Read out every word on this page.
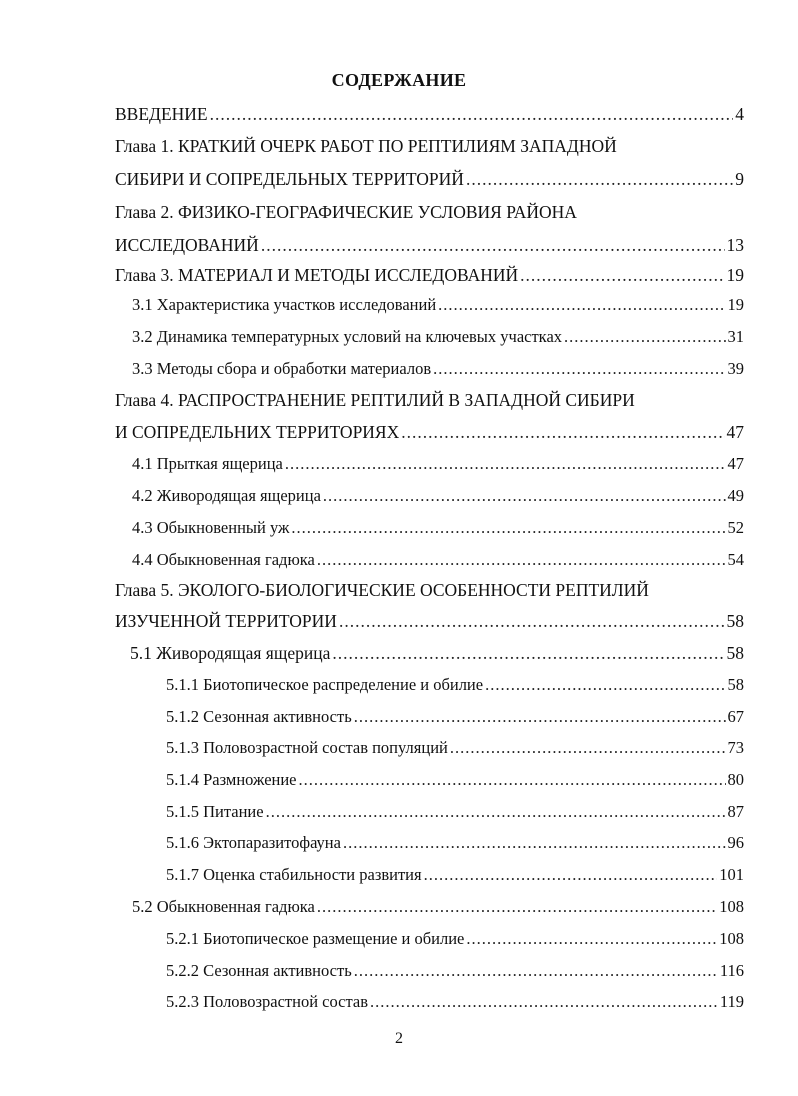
СОДЕРЖАНИЕ
ВВЕДЕНИЕ .....	4
Глава 1. КРАТКИЙ ОЧЕРК РАБОТ ПО РЕПТИЛИЯМ ЗАПАДНОЙ
СИБИРИ И СОПРЕДЕЛЬНЫХ ТЕРРИТОРИЙ .....	9
Глава 2. ФИЗИКО-ГЕОГРАФИЧЕСКИЕ УСЛОВИЯ РАЙОНА
ИССЛЕДОВАНИЙ .....	13
Глава 3. МАТЕРИАЛ И МЕТОДЫ ИССЛЕДОВАНИЙ .....	19
3.1 Характеристика участков исследований .....	19
3.2 Динамика температурных условий на ключевых участках .....	31
3.3 Методы сбора и обработки материалов .....	39
Глава 4. РАСПРОСТРАНЕНИЕ РЕПТИЛИЙ В ЗАПАДНОЙ СИБИРИ
И СОПРЕДЕЛЬНИХ ТЕРРИТОРИЯХ .....	47
4.1 Прыткая ящерица .....	47
4.2 Живородящая ящерица .....	49
4.3 Обыкновенный уж .....	52
4.4 Обыкновенная гадюка .....	54
Глава 5. ЭКОЛОГО-БИОЛОГИЧЕСКИЕ ОСОБЕННОСТИ РЕПТИЛИЙ
ИЗУЧЕННОЙ ТЕРРИТОРИИ .....	58
5.1 Живородящая ящерица .....	58
5.1.1 Биотопическое распределение и обилие .....	58
5.1.2 Сезонная активность .....	67
5.1.3 Половозрастной состав популяций .....	73
5.1.4 Размножение .....	80
5.1.5 Питание .....	87
5.1.6 Эктопаразитофауна .....	96
5.1.7 Оценка стабильности развития .....	101
5.2 Обыкновенная гадюка .....	108
5.2.1 Биотопическое размещение и обилие .....	108
5.2.2 Сезонная активность .....	116
5.2.3 Половозрастной состав .....	119
2
